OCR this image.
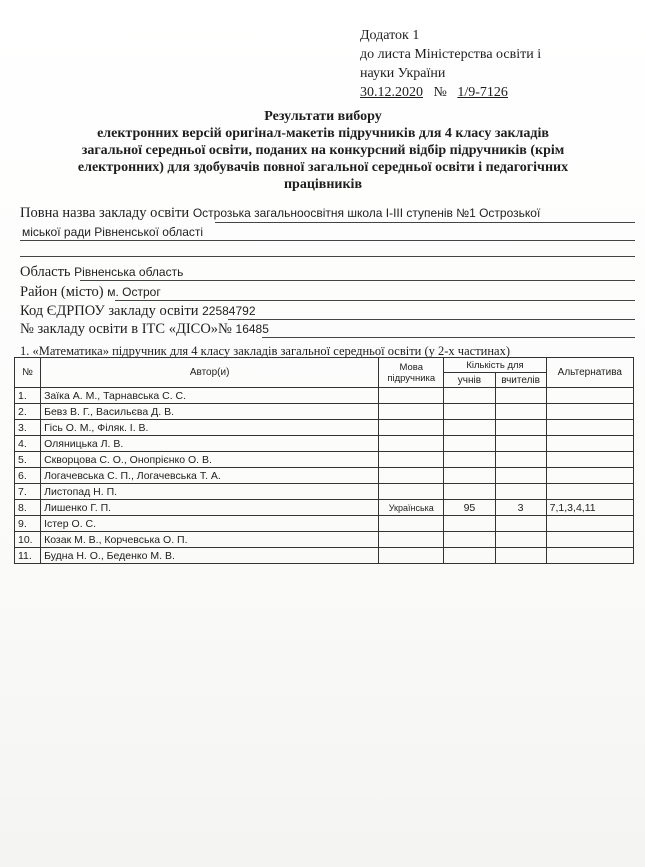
Додаток 1
до листа Міністерства освіти і
науки України
30.12.2020 № 1/9-7126
Результати вибору
електронних версій оригінал-макетів підручників для 4 класу закладів
загальної середньої освіти, поданих на конкурсний відбір підручників (крім
електронних) для здобувачів повної загальної середньої освіти і педагогічних
працівників
Повна назва закладу освіти Острозька загальноосвітня школа І-ІІІ ступенів №1 Острозької
міської ради Рівненської області
Область Рівненська область
Район (місто) м. Острог
Код ЄДРПОУ закладу освіти 22584792
№ закладу освіти в ІТС «ДІСО»№ 16485
1. «Математика» підручник для 4 класу закладів загальної середньої освіти (у 2-х частинах)
№	Автор(и)	Мова підручника	Кількість для		Альтернатива
			учнів	вчителів	
1.	Заїка А. М., Тарнавська С. С.				
2.	Бевз В. Г., Васильєва Д. В.				
3.	Гісь О. М., Філяк. І. В.				
4.	Оляницька Л. В.				
5.	Скворцова С. О., Онопрієнко О. В.				
6.	Логачевська С. П., Логачевська Т. А.				
7.	Листопад Н. П.				
8.	Лишенко Г. П.	Українська	95	3	7,1,3,4,11
9.	Істер О. С.				
10.	Козак М. В., Корчевська О. П.				
11.	Будна Н. О., Беденко М. В.				
